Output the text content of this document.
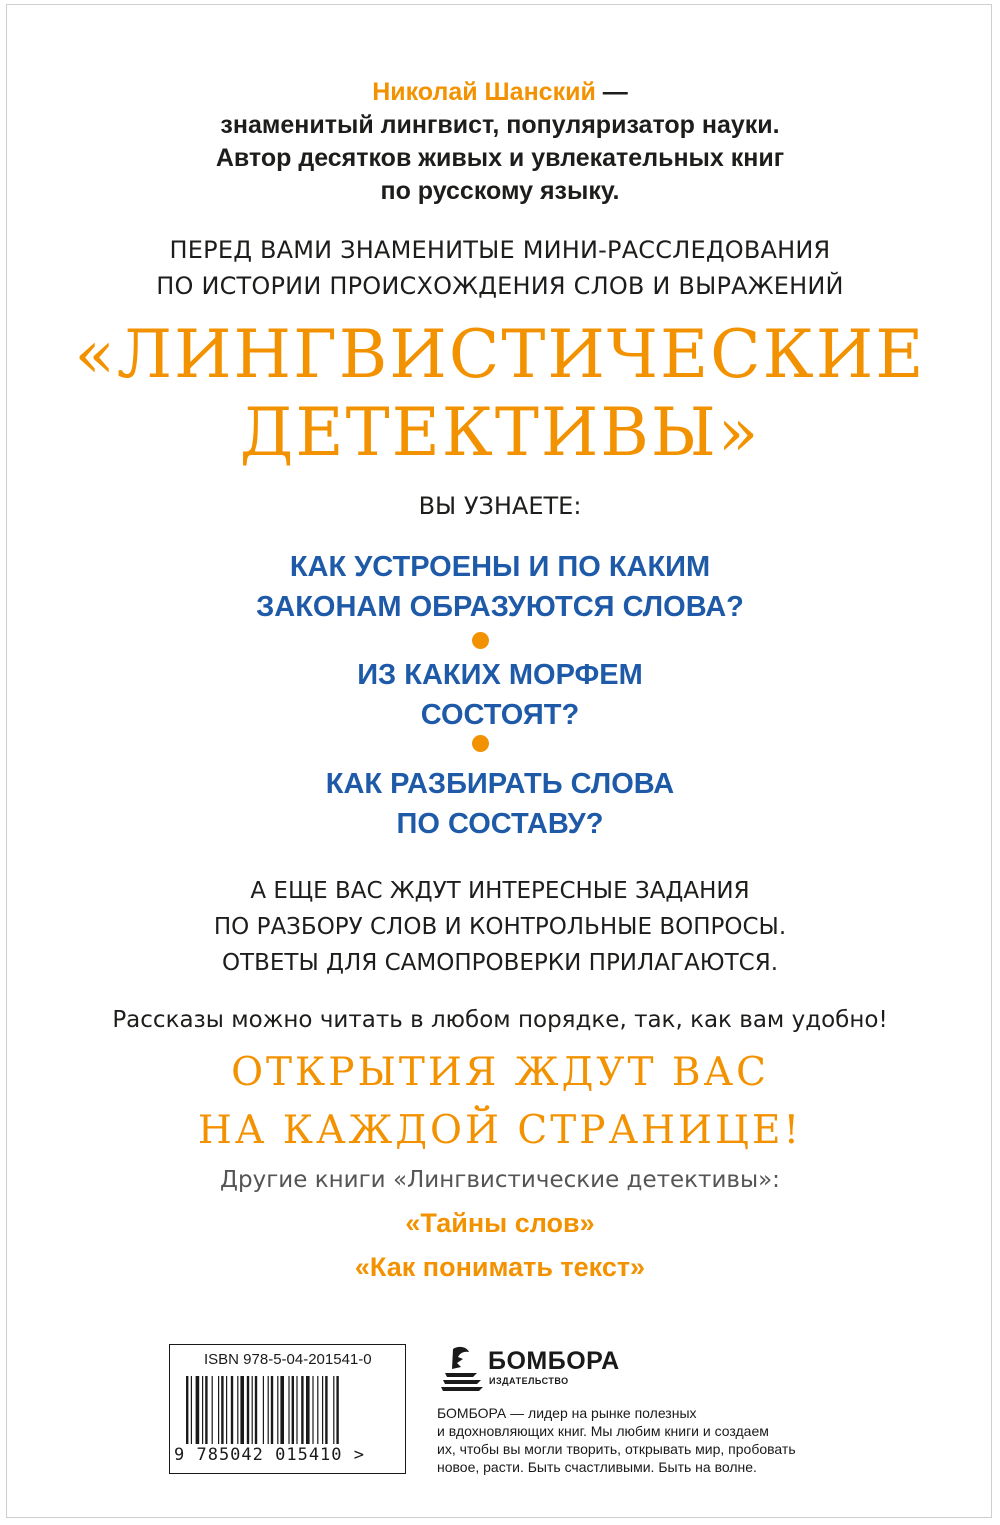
Николай Шанский —
знаменитый лингвист, популяризатор науки.
Автор десятков живых и увлекательных книг
по русскому языку.
ПЕРЕД ВАМИ ЗНАМЕНИТЫЕ МИНИ-РАССЛЕДОВАНИЯ
ПО ИСТОРИИ ПРОИСХОЖДЕНИЯ СЛОВ И ВЫРАЖЕНИЙ
«ЛИНГВИСТИЧЕСКИЕ
ДЕТЕКТИВЫ»
ВЫ УЗНАЕТЕ:
КАК УСТРОЕНЫ И ПО КАКИМ
ЗАКОНАМ ОБРАЗУЮТСЯ СЛОВА?
ИЗ КАКИХ МОРФЕМ
СОСТОЯТ?
КАК РАЗБИРАТЬ СЛОВА
ПО СОСТАВУ?
А ЕЩЕ ВАС ЖДУТ ИНТЕРЕСНЫЕ ЗАДАНИЯ
ПО РАЗБОРУ СЛОВ И КОНТРОЛЬНЫЕ ВОПРОСЫ.
ОТВЕТЫ ДЛЯ САМОПРОВЕРКИ ПРИЛАГАЮТСЯ.
Рассказы можно читать в любом порядке, так, как вам удобно!
ОТКРЫТИЯ ЖДУТ ВАС
НА КАЖДОЙ СТРАНИЦЕ!
Другие книги «Лингвистические детективы»:
«Тайны слов»
«Как понимать текст»
ISBN 978-5-04-201541-0
9 785042 015410 >
БОМБОРА
ИЗДАТЕЛЬСТВО
БОМБОРА — лидер на рынке полезных
и вдохновляющих книг. Мы любим книги и создаем
их, чтобы вы могли творить, открывать мир, пробовать
новое, расти. Быть счастливыми. Быть на волне.
